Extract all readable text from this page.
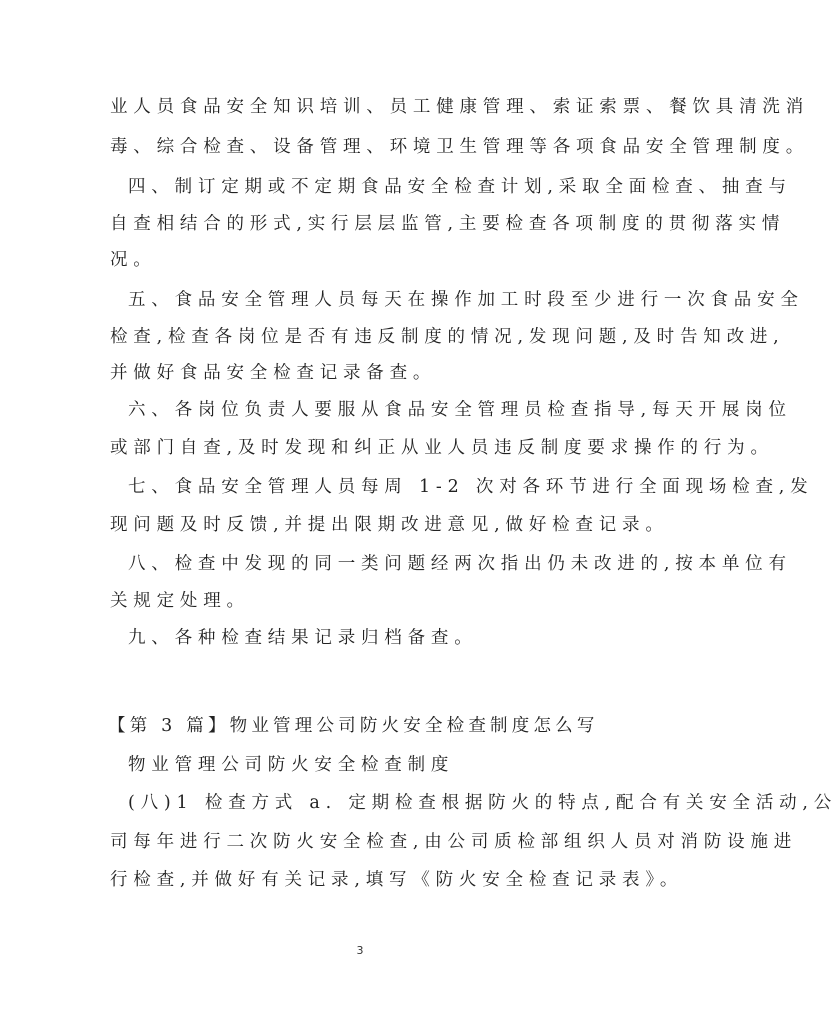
业人员食品安全知识培训、员工健康管理、索证索票、餐饮具清洗消
毒、综合检查、设备管理、环境卫生管理等各项食品安全管理制度。
四、制订定期或不定期食品安全检查计划,采取全面检查、抽查与
自查相结合的形式,实行层层监管,主要检查各项制度的贯彻落实情
况。
五、食品安全管理人员每天在操作加工时段至少进行一次食品安全
检查,检查各岗位是否有违反制度的情况,发现问题,及时告知改进,
并做好食品安全检查记录备查。
六、各岗位负责人要服从食品安全管理员检查指导,每天开展岗位
或部门自查,及时发现和纠正从业人员违反制度要求操作的行为。
七、食品安全管理人员每周 1-2 次对各环节进行全面现场检查,发
现问题及时反馈,并提出限期改进意见,做好检查记录。
八、检查中发现的同一类问题经两次指出仍未改进的,按本单位有
关规定处理。
九、各种检查结果记录归档备查。
【第 3 篇】物业管理公司防火安全检查制度怎么写
物业管理公司防火安全检查制度
(八)1 检查方式 a. 定期检查根据防火的特点,配合有关安全活动,公
司每年进行二次防火安全检查,由公司质检部组织人员对消防设施进
行检查,并做好有关记录,填写《防火安全检查记录表》。
3
